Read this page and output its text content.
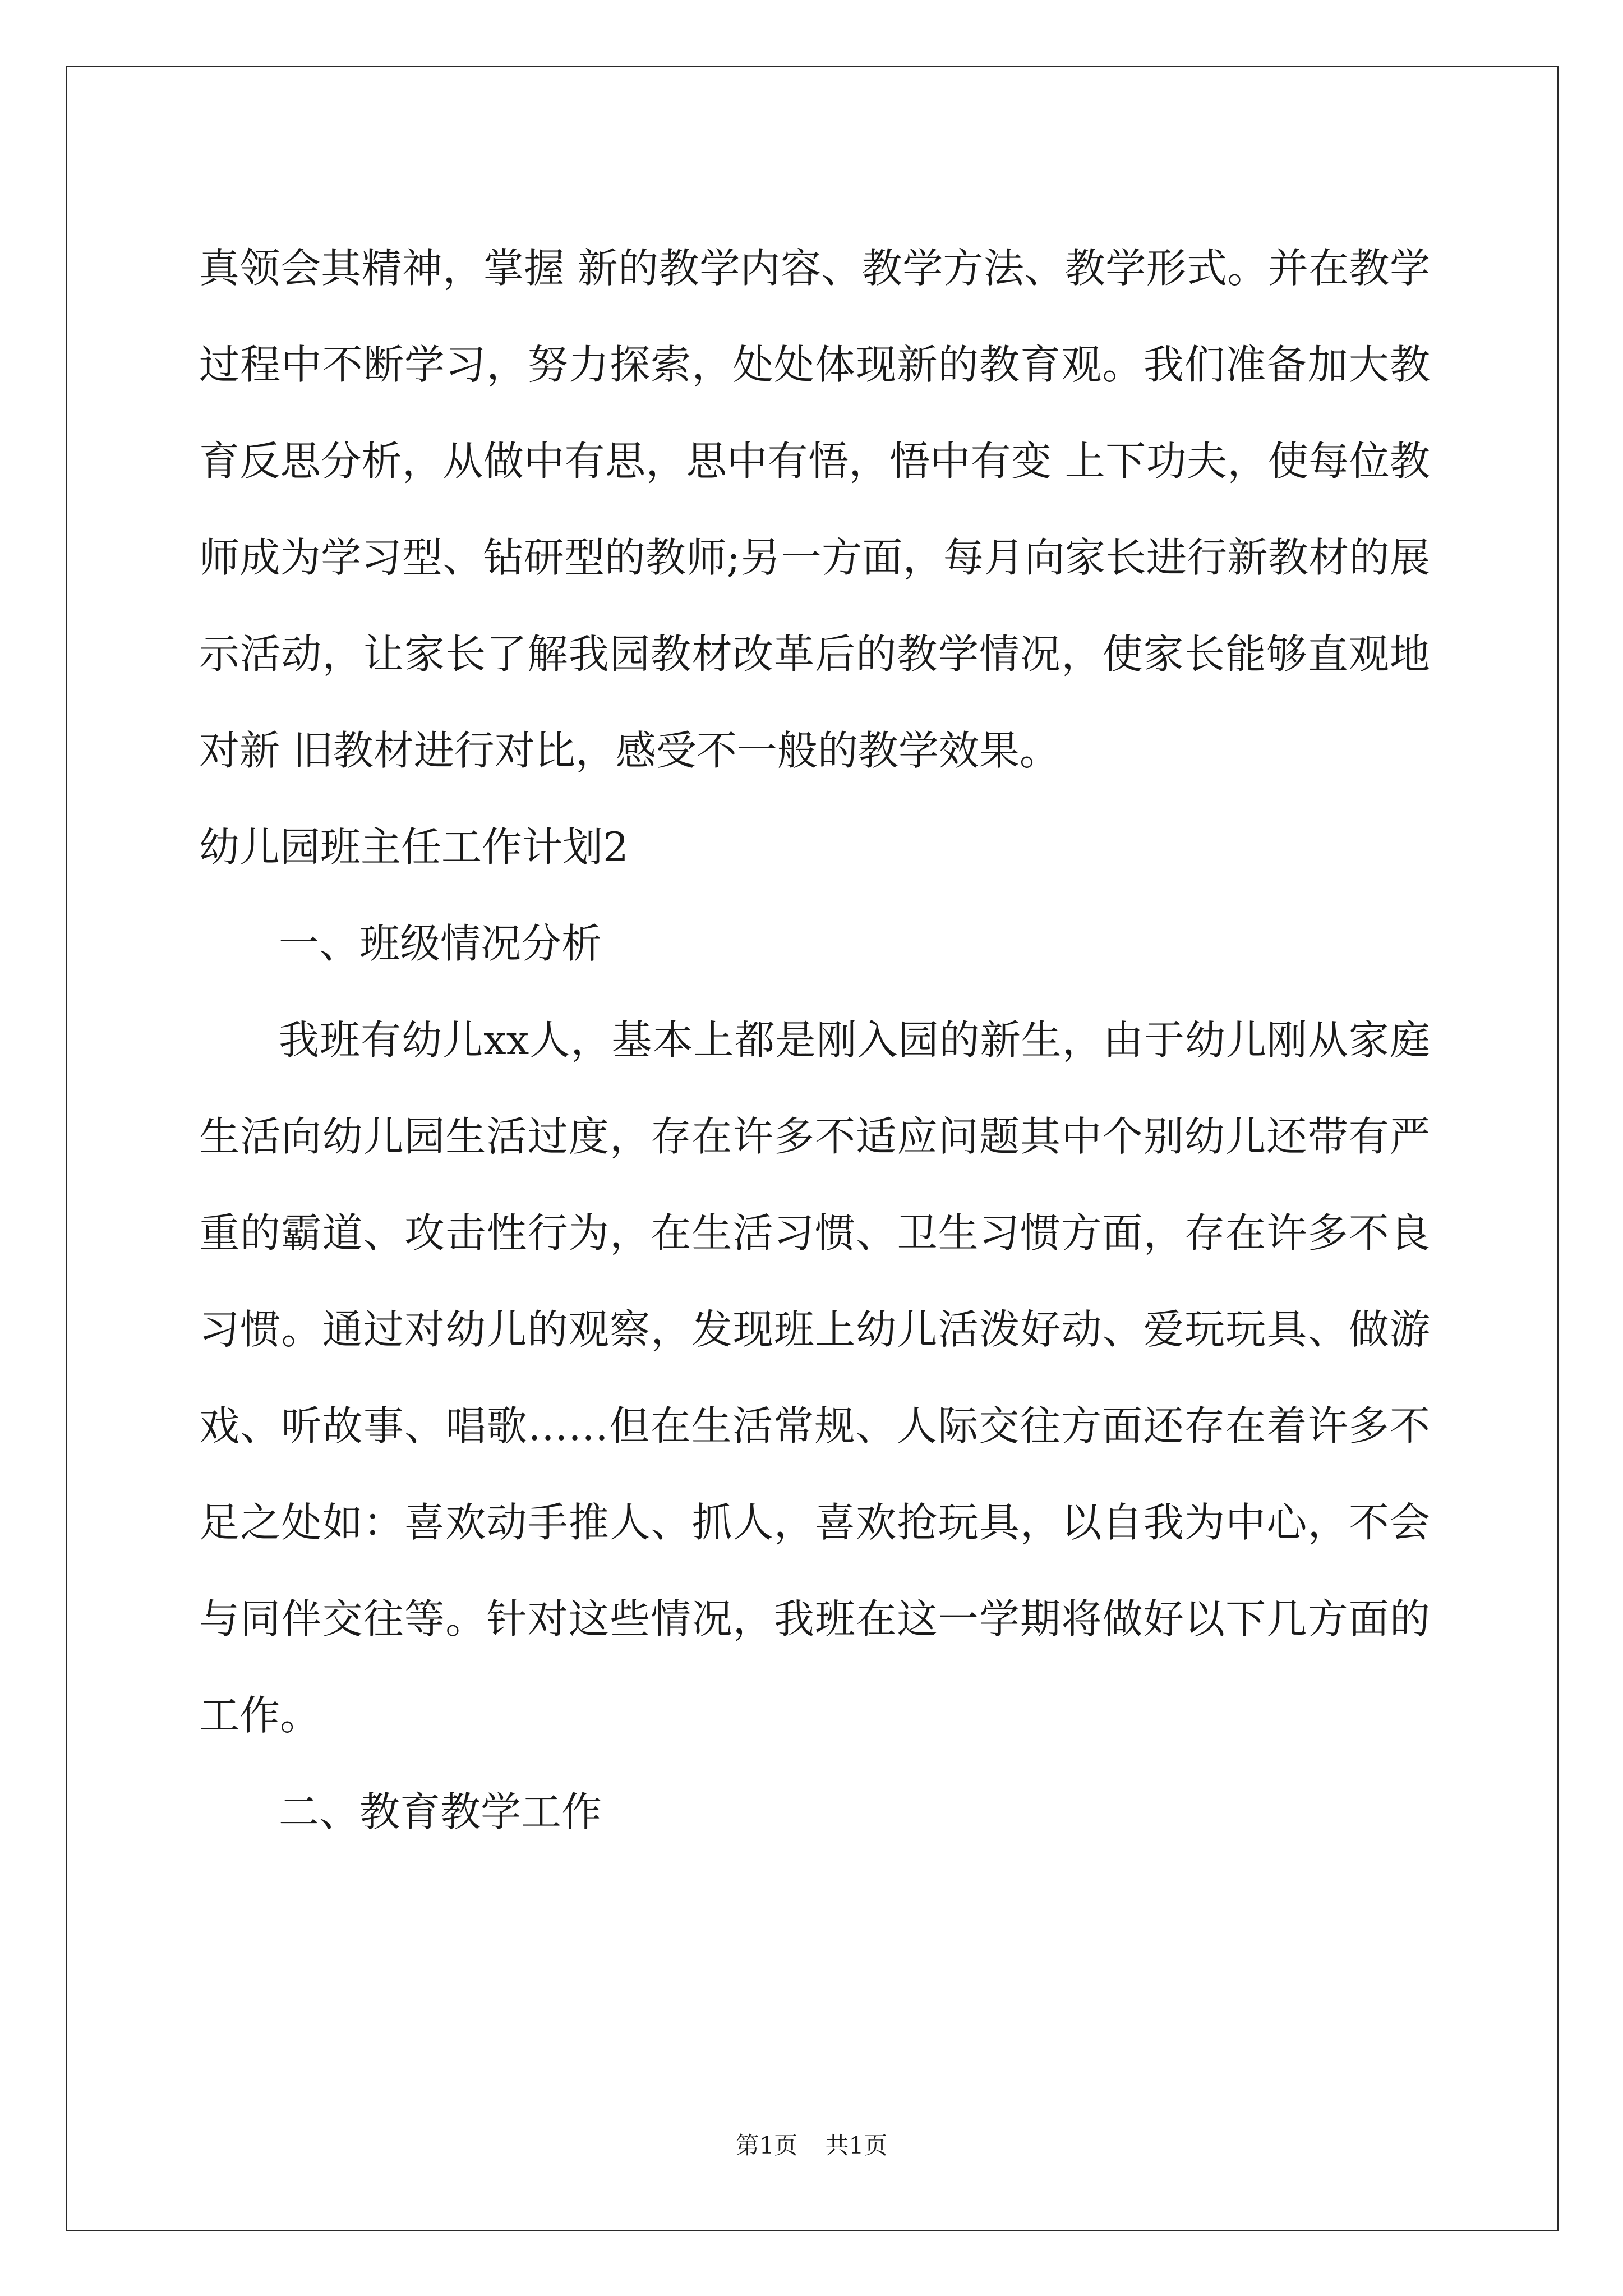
真领会其精神，掌握 新的教学内容、教学方法、教学形式。并在教学
过程中不断学习，努力探索，处处体现新的教育观。我们准备加大教
育反思分析，从做中有思，思中有悟，悟中有变 上下功夫，使每位教
师成为学习型、钻研型的教师;另一方面，每月向家长进行新教材的展
示活动，让家长了解我园教材改革后的教学情况，使家长能够直观地
对新 旧教材进行对比，感受不一般的教学效果。
幼儿园班主任工作计划2
一、班级情况分析
我班有幼儿xx人，基本上都是刚入园的新生，由于幼儿刚从家庭
生活向幼儿园生活过度，存在许多不适应问题其中个别幼儿还带有严
重的霸道、攻击性行为，在生活习惯、卫生习惯方面，存在许多不良
习惯。通过对幼儿的观察，发现班上幼儿活泼好动、爱玩玩具、做游
戏、听故事、唱歌……但在生活常规、人际交往方面还存在着许多不
足之处如：喜欢动手推人、抓人，喜欢抢玩具，以自我为中心，不会
与同伴交往等。针对这些情况，我班在这一学期将做好以下几方面的
工作。
二、教育教学工作
第1页 共1页
